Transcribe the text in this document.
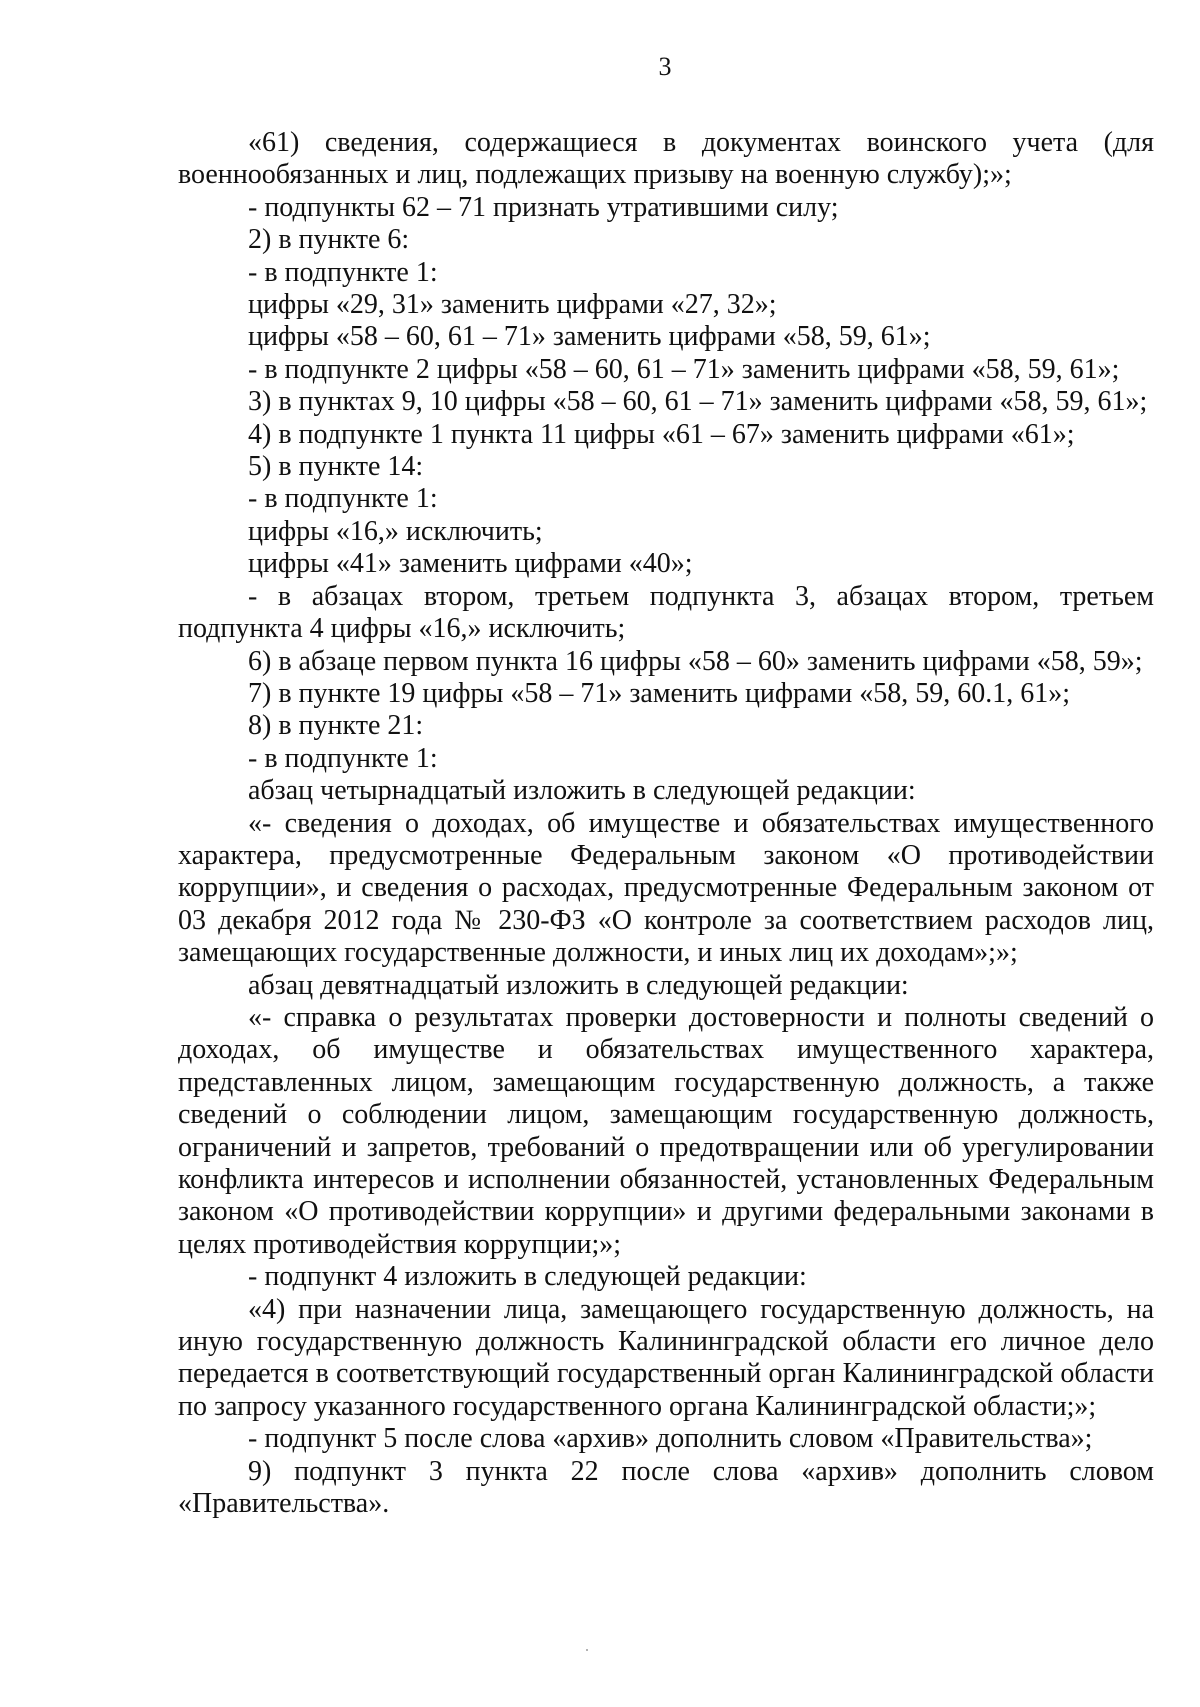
3

«61) сведения, содержащиеся в документах воинского учета (для военнообязанных и лиц, подлежащих призыву на военную службу);»;

- подпункты 62 – 71 признать утратившими силу;

2) в пункте 6:

- в подпункте 1:

цифры «29, 31» заменить цифрами «27, 32»;

цифры «58 – 60, 61 – 71» заменить цифрами «58, 59, 61»;

- в подпункте 2 цифры «58 – 60, 61 – 71» заменить цифрами «58, 59, 61»;

3) в пунктах 9, 10 цифры «58 – 60, 61 – 71» заменить цифрами «58, 59, 61»;

4) в подпункте 1 пункта 11 цифры «61 – 67» заменить цифрами «61»;

5) в пункте 14:

- в подпункте 1:

цифры «16,» исключить;

цифры «41» заменить цифрами «40»;

- в абзацах втором, третьем подпункта 3, абзацах втором, третьем подпункта 4 цифры «16,» исключить;

6) в абзаце первом пункта 16 цифры «58 – 60» заменить цифрами «58, 59»;

7) в пункте 19 цифры «58 – 71» заменить цифрами «58, 59, 60.1, 61»;

8) в пункте 21:

- в подпункте 1:

абзац четырнадцатый изложить в следующей редакции:

«- сведения о доходах, об имуществе и обязательствах имущественного характера, предусмотренные Федеральным законом «О противодействии коррупции», и сведения о расходах, предусмотренные Федеральным законом от 03 декабря 2012 года № 230-ФЗ «О контроле за соответствием расходов лиц, замещающих государственные должности, и иных лиц их доходам»;»;

абзац девятнадцатый изложить в следующей редакции:

«- справка о результатах проверки достоверности и полноты сведений о доходах, об имуществе и обязательствах имущественного характера, представленных лицом, замещающим государственную должность, а также сведений о соблюдении лицом, замещающим государственную должность, ограничений и запретов, требований о предотвращении или об урегулировании конфликта интересов и исполнении обязанностей, установленных Федеральным законом «О противодействии коррупции» и другими федеральными законами в целях противодействия коррупции;»;

- подпункт 4 изложить в следующей редакции:

«4) при назначении лица, замещающего государственную должность, на иную государственную должность Калининградской области его личное дело передается в соответствующий государственный орган Калининградской области по запросу указанного государственного органа Калининградской области;»;

- подпункт 5 после слова «архив» дополнить словом «Правительства»;

9) подпункт 3 пункта 22 после слова «архив» дополнить словом «Правительства».
